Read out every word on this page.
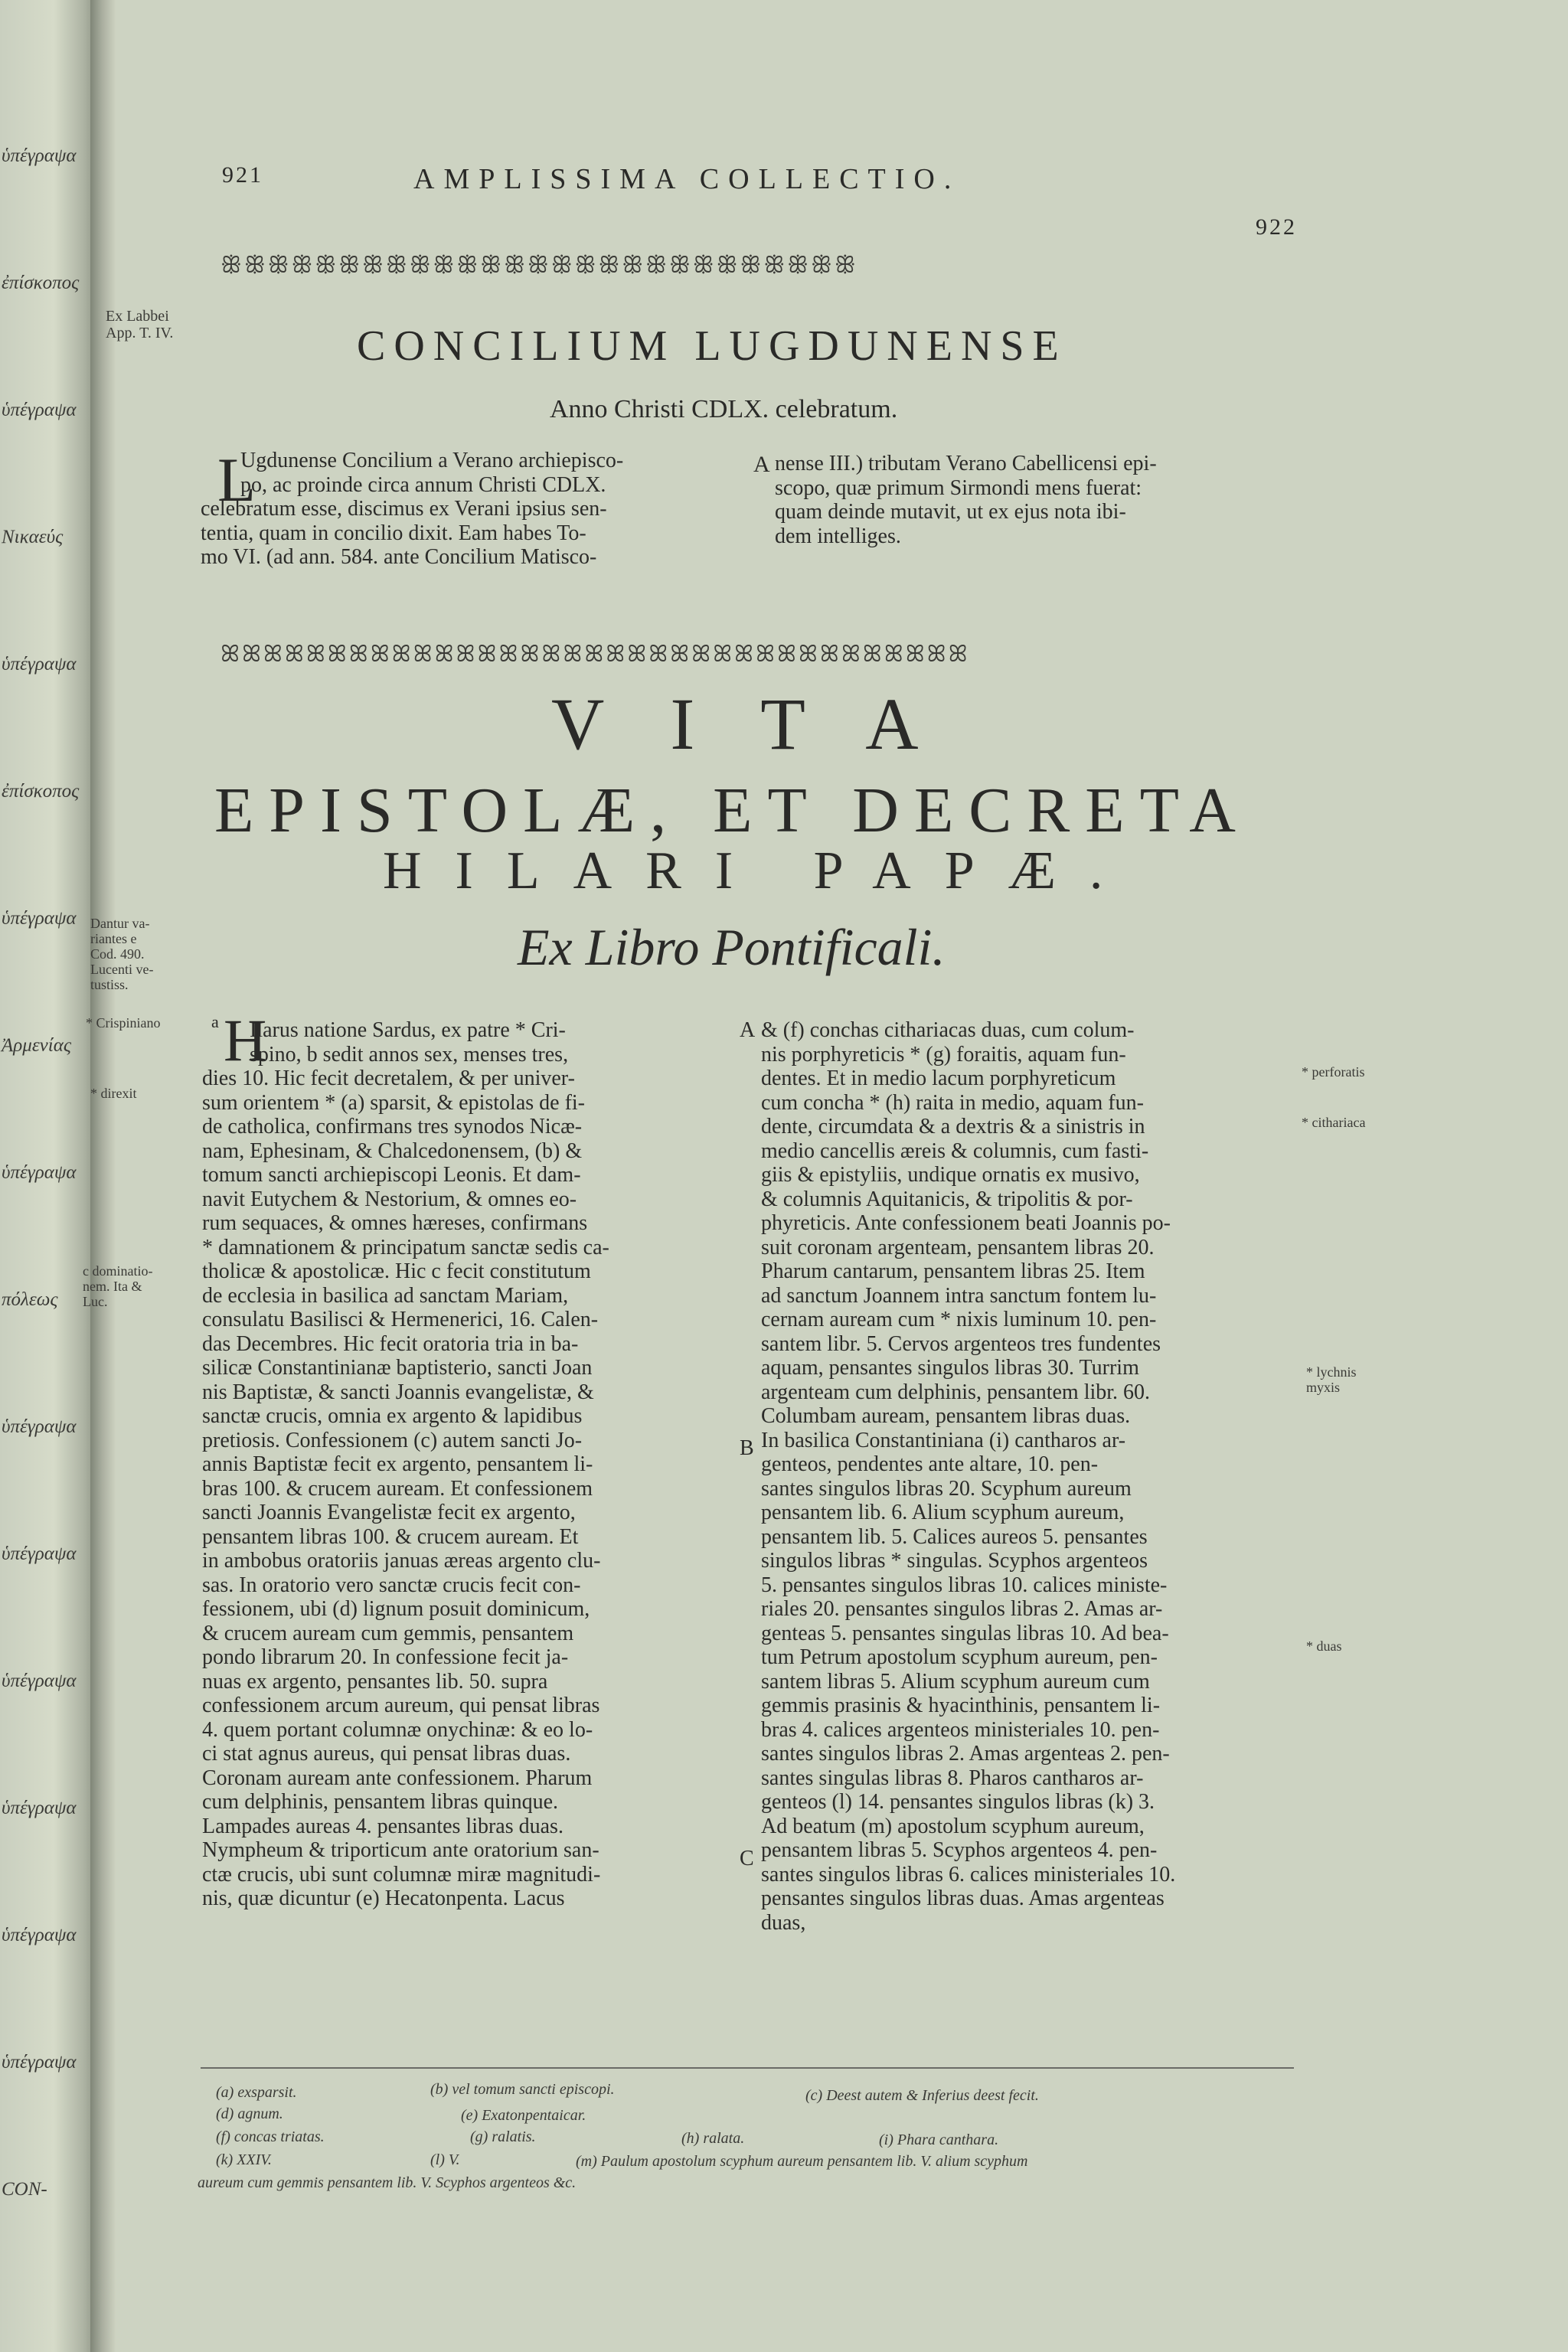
ὑπέγραψα
ἐπίσκοπος
ὑπέγραψα
Νικαεύς
ὑπέγραψα
ἐπίσκοπος
ὑπέγραψα
Ἀρμενίας
ὑπέγραψα
πόλεως
ὑπέγραψα
ὑπέγραψα
ὑπέγραψα
ὑπέγραψα
ὑπέγραψα
ὑπέγραψα
CON-
921	AMPLISSIMA COLLECTIO.
922
ꕥꕥꕥꕥꕥꕥꕥꕥꕥꕥꕥꕥꕥꕥꕥꕥꕥꕥꕥꕥꕥꕥꕥꕥꕥꕥꕥ
Ex Labbei
App. T. IV.	CONCILIUM LUGDUNENSE
Anno Christi CDLX. celebratum.
L
Ugdunense Concilium a Verano archiepisco-
po, ac proinde circa annum Christi CDLX.
celebratum esse, discimus ex Verani ipsius sen-
tentia, quam in concilio dixit. Eam habes To-
mo VI. (ad ann. 584. ante Concilium Matisco-
A nense III.) tributam Verano Cabellicensi epi-
scopo, quæ primum Sirmondi mens fuerat:
quam deinde mutavit, ut ex ejus nota ibi-
dem intelliges.
ꕤꕤꕤꕤꕤꕤꕤꕤꕤꕤꕤꕤꕤꕤꕤꕤꕤꕤꕤꕤꕤꕤꕤꕤꕤꕤꕤꕤꕤꕤꕤꕤꕤꕤꕤ
VITA
EPISTOLÆ, ET DECRETA
HILARI PAPÆ.
Ex Libro Pontificali.
Dantur va-
riantes e
Cod. 490.
Lucenti ve-
tustiss.
* Crispiniano
* direxit
c dominatio-
nem. Ita &
Luc.
a H
Ilarus natione Sardus, ex patre * Cri-
spino, b sedit annos sex, menses tres,
dies 10. Hic fecit decretalem, & per univer-
sum orientem * (a) sparsit, & epistolas de fi-
de catholica, confirmans tres synodos Nicæ-
nam, Ephesinam, & Chalcedonensem, (b) &
tomum sancti archiepiscopi Leonis. Et dam-
navit Eutychem & Nestorium, & omnes eo-
rum sequaces, & omnes hæreses, confirmans
* damnationem & principatum sanctæ sedis ca-
tholicæ & apostolicæ. Hic c fecit constitutum
de ecclesia in basilica ad sanctam Mariam,
consulatu Basilisci & Hermenerici, 16. Calen-
das Decembres. Hic fecit oratoria tria in ba-
silicæ Constantinianæ baptisterio, sancti Joan
nis Baptistæ, & sancti Joannis evangelistæ, &
sanctæ crucis, omnia ex argento & lapidibus
pretiosis. Confessionem (c) autem sancti Jo-
annis Baptistæ fecit ex argento, pensantem li-
bras 100. & crucem auream. Et confessionem
sancti Joannis Evangelistæ fecit ex argento,
pensantem libras 100. & crucem auream. Et
in ambobus oratoriis januas æreas argento clu-
sas. In oratorio vero sanctæ crucis fecit con-
fessionem, ubi (d) lignum posuit dominicum,
& crucem auream cum gemmis, pensantem
pondo librarum 20. In confessione fecit ja-
nuas ex argento, pensantes lib. 50. supra
confessionem arcum aureum, qui pensat libras
4. quem portant columnæ onychinæ: & eo lo-
ci stat agnus aureus, qui pensat libras duas.
Coronam auream ante confessionem. Pharum
cum delphinis, pensantem libras quinque.
Lampades aureas 4. pensantes libras duas.
Nympheum & triporticum ante oratorium san-
ctæ crucis, ubi sunt columnæ miræ magnitudi-
nis, quæ dicuntur (e) Hecatonpenta. Lacus
A
B
C
& (f) conchas cithariacas duas, cum colum-
nis porphyreticis * (g) foraitis, aquam fun-
dentes. Et in medio lacum porphyreticum
cum concha * (h) raita in medio, aquam fun-
dente, circumdata & a dextris & a sinistris in
medio cancellis æreis & columnis, cum fasti-
giis & epistyliis, undique ornatis ex musivo,
& columnis Aquitanicis, & tripolitis & por-
phyreticis. Ante confessionem beati Joannis po-
suit coronam argenteam, pensantem libras 20.
Pharum cantarum, pensantem libras 25. Item
ad sanctum Joannem intra sanctum fontem lu-
cernam auream cum * nixis luminum 10. pen-
santem libr. 5. Cervos argenteos tres fundentes
aquam, pensantes singulos libras 30. Turrim
argenteam cum delphinis, pensantem libr. 60.
Columbam auream, pensantem libras duas.
In basilica Constantiniana (i) cantharos ar-
genteos, pendentes ante altare, 10. pen-
santes singulos libras 20. Scyphum aureum
pensantem lib. 6. Alium scyphum aureum,
pensantem lib. 5. Calices aureos 5. pensantes
singulos libras * singulas. Scyphos argenteos
5. pensantes singulos libras 10. calices ministe-
riales 20. pensantes singulos libras 2. Amas ar-
genteas 5. pensantes singulas libras 10. Ad bea-
tum Petrum apostolum scyphum aureum, pen-
santem libras 5. Alium scyphum aureum cum
gemmis prasinis & hyacinthinis, pensantem li-
bras 4. calices argenteos ministeriales 10. pen-
santes singulos libras 2. Amas argenteas 2. pen-
santes singulas libras 8. Pharos cantharos ar-
genteos (l) 14. pensantes singulos libras (k) 3.
Ad beatum (m) apostolum scyphum aureum,
pensantem libras 5. Scyphos argenteos 4. pen-
santes singulos libras 6. calices ministeriales 10.
pensantes singulos libras duas. Amas argenteas
duas,
* perforatis
* cithariaca
* lychnis
myxis
* duas
(a) exsparsit.	(b) vel tomum sancti episcopi.	(c) Deest autem & Inferius deest fecit.
(d) agnum.	(e) Exatonpentaicar.
(f) concas triatas.	(g) ralatis.	(h) ralata.	(i) Phara canthara.
(k) XXIV.	(l) V.	(m) Paulum apostolum scyphum aureum pensantem lib. V. alium scyphum
aureum cum gemmis pensantem lib. V. Scyphos argenteos &c.
